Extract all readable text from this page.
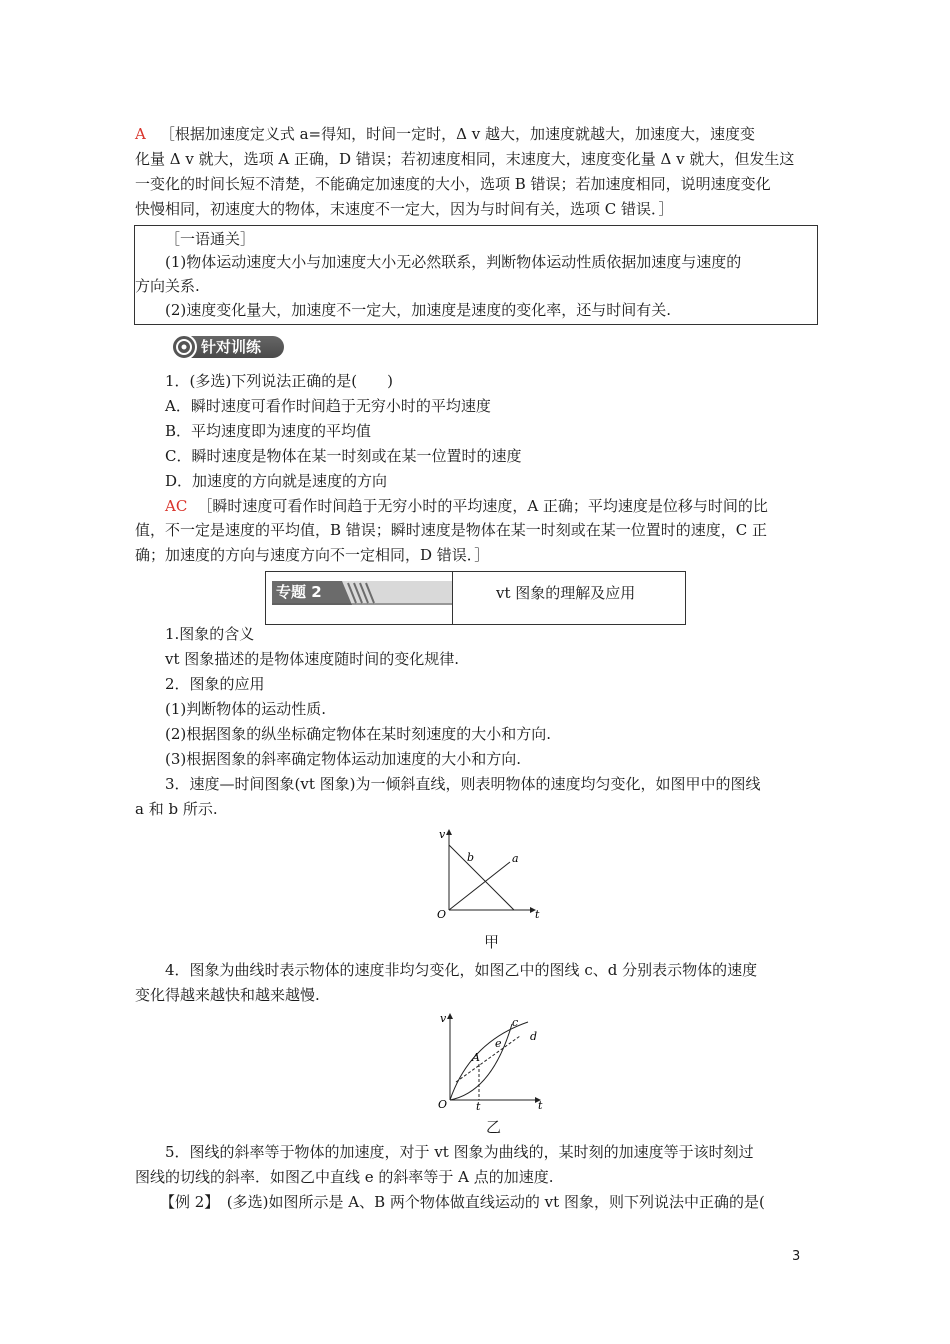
A ［根据加速度定义式 a=得知，时间一定时，Δ v 越大，加速度就越大，加速度大，速度变
化量 Δ v 就大，选项 A 正确，D 错误；若初速度相同，末速度大，速度变化量 Δ v 就大，但发生这
一变化的时间长短不清楚，不能确定加速度的大小，选项 B 错误；若加速度相同，说明速度变化
快慢相同，初速度大的物体，末速度不一定大，因为与时间有关，选项 C 错误．］
［一语通关］
(1)物体运动速度大小与加速度大小无必然联系，判断物体运动性质依据加速度与速度的
方向关系.
(2)速度变化量大，加速度不一定大，加速度是速度的变化率，还与时间有关.
针对训练
1．(多选)下列说法正确的是(　　)
A．瞬时速度可看作时间趋于无穷小时的平均速度
B．平均速度即为速度的平均值
C．瞬时速度是物体在某一时刻或在某一位置时的速度
D．加速度的方向就是速度的方向
AC ［瞬时速度可看作时间趋于无穷小时的平均速度，A 正确；平均速度是位移与时间的比
值，不一定是速度的平均值，B 错误；瞬时速度是物体在某一时刻或在某一位置时的速度，C 正
确；加速度的方向与速度方向不一定相同，D 错误．］
专题 2	vt 图象的理解及应用
1.图象的含义
vt 图象描述的是物体速度随时间的变化规律.
2．图象的应用
(1)判断物体的运动性质.
(2)根据图象的纵坐标确定物体在某时刻速度的大小和方向.
(3)根据图象的斜率确定物体运动加速度的大小和方向.
3．速度—时间图象(vt 图象)为一倾斜直线，则表明物体的速度均匀变化，如图甲中的图线
a 和 b 所示.
v
t
O
a
b
甲
4．图象为曲线时表示物体的速度非均匀变化，如图乙中的图线 c、d 分别表示物体的速度
变化得越来越快和越来越慢.
v
t
O	t
A
c
d
e
乙
5．图线的斜率等于物体的加速度，对于 vt 图象为曲线的，某时刻的加速度等于该时刻过
图线的切线的斜率．如图乙中直线 e 的斜率等于 A 点的加速度.
【例 2】　(多选)如图所示是 A、B 两个物体做直线运动的 vt 图象，则下列说法中正确的是(
3
